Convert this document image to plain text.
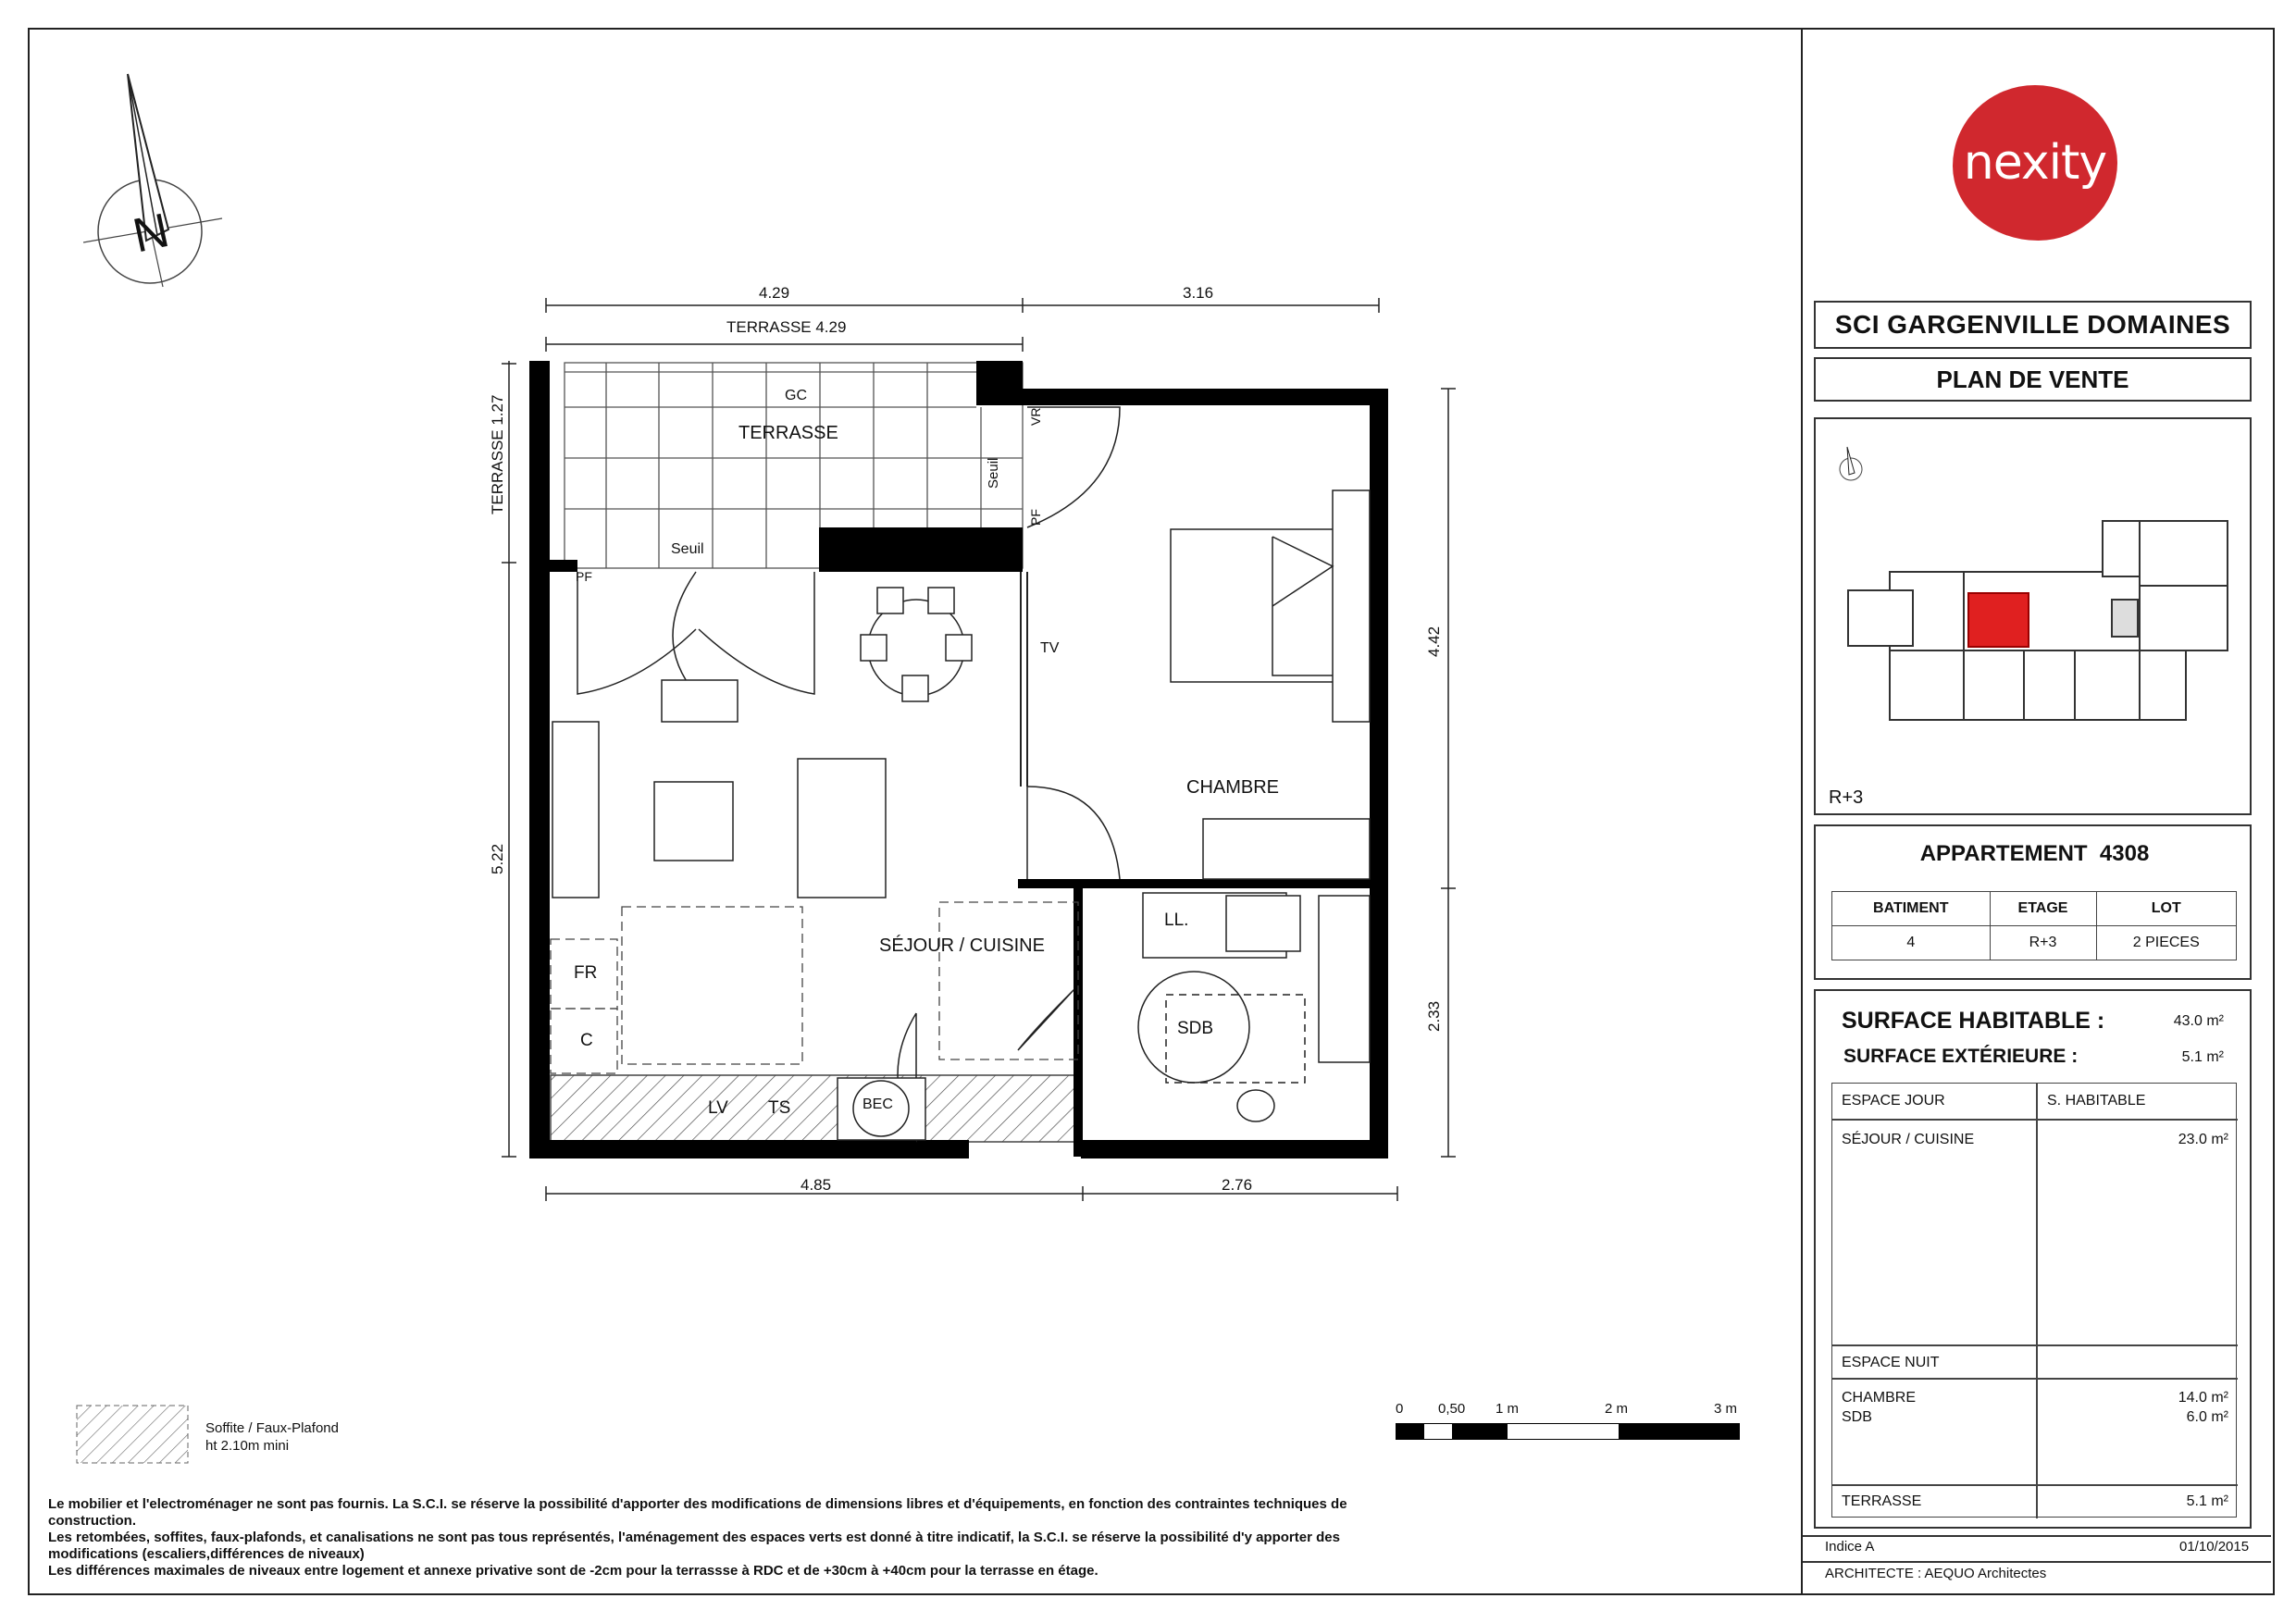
N
4.29	3.16
TERRASSE 4.29
TERRASSE 1.27
5.22
4.42
2.33
4.85	2.76
TERRASSE
GC
Seuil
Seuil
VR
PF
PF
TV
CHAMBRE
SÉJOUR / CUISINE
LL.
SDB
FR
C
LV TS	BEC
Soffite / Faux-Plafond
ht 2.10m mini
0	0,50 1 m	2 m	3 m
Le mobilier et l'electroménager ne sont pas fournis. La S.C.I. se réserve la possibilité d'apporter des modifications de dimensions libres et d'équipements, en fonction des contraintes techniques de
construction.
Les retombées, soffites, faux-plafonds, et canalisations ne sont pas tous représentés, l'aménagement des espaces verts est donné à titre indicatif, la S.C.I. se réserve la possibilité d'y apporter des
modifications (escaliers,différences de niveaux)
Les différences maximales de niveaux entre logement et annexe privative sont de -2cm pour la terrassse à RDC et de +30cm à +40cm pour la terrasse en étage.
nexity
SCI GARGENVILLE DOMAINES
PLAN DE VENTE
R+3
APPARTEMENT  4308
BATIMENT	ETAGE	LOT
4	R+3	2 PIECES
SURFACE HABITABLE :	43.0 m²
SURFACE EXTÉRIEURE :	5.1 m²
ESPACE JOUR	S. HABITABLE
SÉJOUR / CUISINE	23.0 m²
ESPACE NUIT
CHAMBRE	14.0 m²
SDB	6.0 m²
TERRASSE	5.1 m²
Indice A	01/10/2015
ARCHITECTE : AEQUO Architectes
